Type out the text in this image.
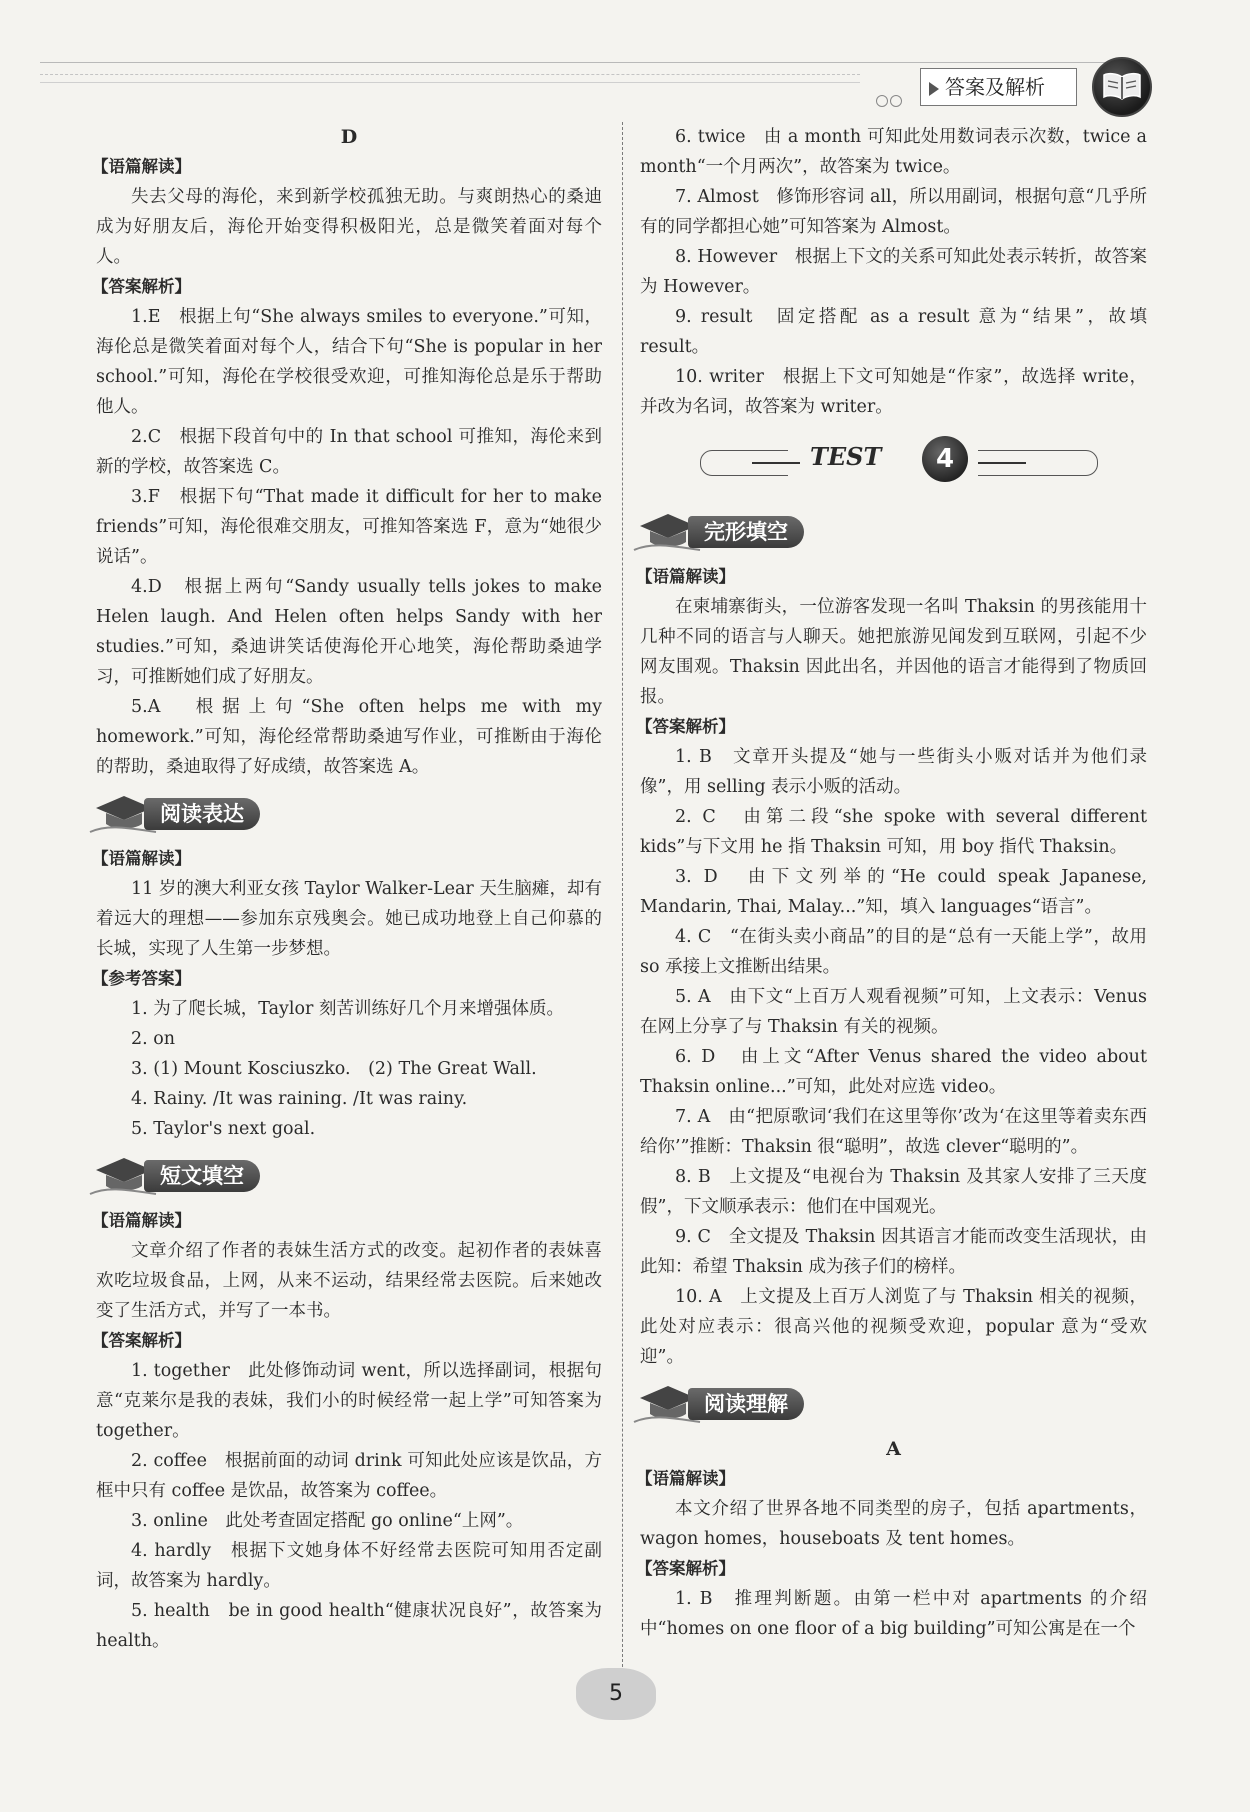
答案及解析

D

【语篇解读】

失去父母的海伦，来到新学校孤独无助。与爽朗热心的桑迪成为好朋友后，海伦开始变得积极阳光，总是微笑着面对每个人。

【答案解析】

1.E　根据上句“She always smiles to everyone.”可知，海伦总是微笑着面对每个人，结合下句“She is popular in her school.”可知，海伦在学校很受欢迎，可推知海伦总是乐于帮助他人。

2.C　根据下段首句中的 In that school 可推知，海伦来到新的学校，故答案选 C。

3.F　根据下句“That made it difficult for her to make friends”可知，海伦很难交朋友，可推知答案选 F，意为“她很少说话”。

4.D　根据上两句“Sandy usually tells jokes to make Helen laugh. And Helen often helps Sandy with her studies.”可知，桑迪讲笑话使海伦开心地笑，海伦帮助桑迪学习，可推断她们成了好朋友。

5.A　根据上句“She often helps me with my homework.”可知，海伦经常帮助桑迪写作业，可推断由于海伦的帮助，桑迪取得了好成绩，故答案选 A。

阅读表达

【语篇解读】

11 岁的澳大利亚女孩 Taylor Walker-Lear 天生脑瘫，却有着远大的理想——参加东京残奥会。她已成功地登上自己仰慕的长城，实现了人生第一步梦想。

【参考答案】

1. 为了爬长城，Taylor 刻苦训练好几个月来增强体质。

2. on

3. (1) Mount Kosciuszko.　(2) The Great Wall.

4. Rainy. /It was raining. /It was rainy.

5. Taylor's next goal.

短文填空

【语篇解读】

文章介绍了作者的表妹生活方式的改变。起初作者的表妹喜欢吃垃圾食品，上网，从来不运动，结果经常去医院。后来她改变了生活方式，并写了一本书。

【答案解析】

1. together　此处修饰动词 went，所以选择副词，根据句意“克莱尔是我的表妹，我们小的时候经常一起上学”可知答案为 together。

2. coffee　根据前面的动词 drink 可知此处应该是饮品，方框中只有 coffee 是饮品，故答案为 coffee。

3. online　此处考查固定搭配 go online“上网”。

4. hardly　根据下文她身体不好经常去医院可知用否定副词，故答案为 hardly。

5. health　be in good health“健康状况良好”，故答案为 health。

6. twice　由 a month 可知此处用数词表示次数，twice a month“一个月两次”，故答案为 twice。

7. Almost　修饰形容词 all，所以用副词，根据句意“几乎所有的同学都担心她”可知答案为 Almost。

8. However　根据上下文的关系可知此处表示转折，故答案为 However。

9. result　固定搭配 as a result 意为“结果”，故填 result。

10. writer　根据上下文可知她是“作家”，故选择 write，并改为名词，故答案为 writer。

TEST	4
完形填空

【语篇解读】

在柬埔寨街头，一位游客发现一名叫 Thaksin 的男孩能用十几种不同的语言与人聊天。她把旅游见闻发到互联网，引起不少网友围观。Thaksin 因此出名，并因他的语言才能得到了物质回报。

【答案解析】

1. B　文章开头提及“她与一些街头小贩对话并为他们录像”，用 selling 表示小贩的活动。

2. C　由第二段“she spoke with several different kids”与下文用 he 指 Thaksin 可知，用 boy 指代 Thaksin。

3. D　由下文列举的“He could speak Japanese, Mandarin, Thai, Malay...”知，填入 languages“语言”。

4. C　“在街头卖小商品”的目的是“总有一天能上学”，故用 so 承接上文推断出结果。

5. A　由下文“上百万人观看视频”可知，上文表示：Venus 在网上分享了与 Thaksin 有关的视频。

6. D　由上文“After Venus shared the video about Thaksin online...”可知，此处对应选 video。

7. A　由“把原歌词‘我们在这里等你’改为‘在这里等着卖东西给你’”推断：Thaksin 很“聪明”，故选 clever“聪明的”。

8. B　上文提及“电视台为 Thaksin 及其家人安排了三天度假”，下文顺承表示：他们在中国观光。

9. C　全文提及 Thaksin 因其语言才能而改变生活现状，由此知：希望 Thaksin 成为孩子们的榜样。

10. A　上文提及上百万人浏览了与 Thaksin 相关的视频，此处对应表示：很高兴他的视频受欢迎，popular 意为“受欢迎”。

阅读理解

A

【语篇解读】

本文介绍了世界各地不同类型的房子，包括 apartments，wagon homes，houseboats 及 tent homes。

【答案解析】

1. B　推理判断题。由第一栏中对 apartments 的介绍中“homes on one floor of a big building”可知公寓是在一个

5
